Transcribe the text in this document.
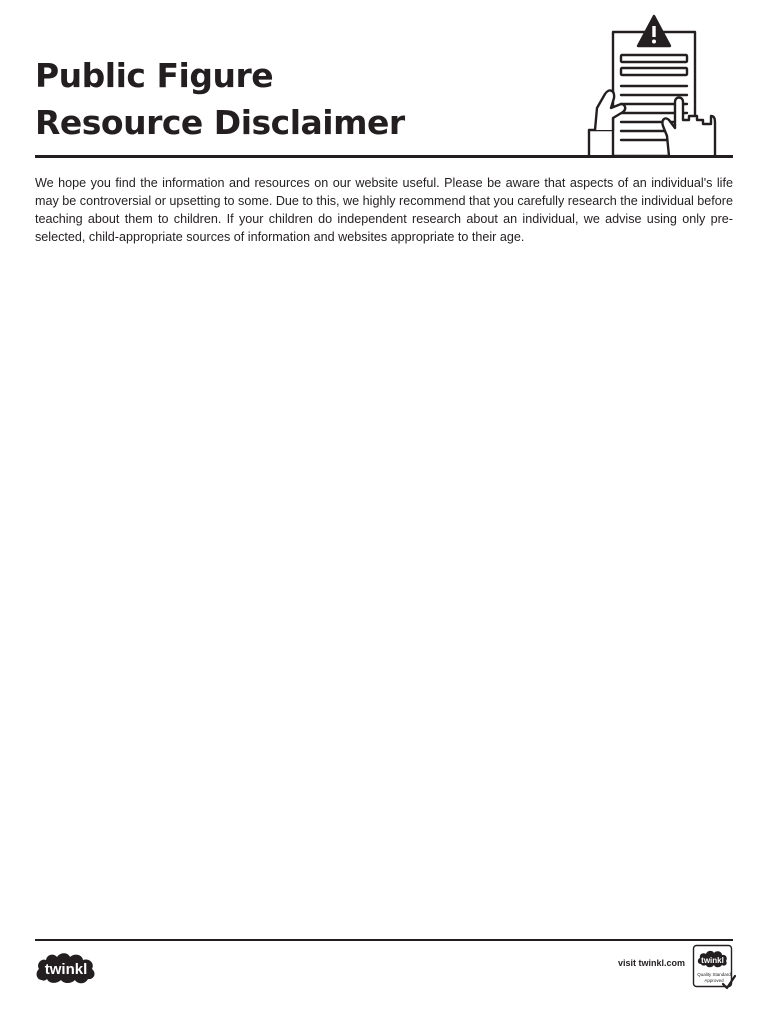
Public Figure
Resource Disclaimer

We hope you find the information and resources on our website useful. Please be aware that aspects of an individual's life may be controversial or upsetting to some. Due to this, we highly recommend that you carefully research the individual before teaching about them to children. If your children do independent research about an individual, we advise using only pre-selected, child-appropriate sources of information and websites appropriate to their age.

twinkl	visit twinkl.com twinkl
Quality Standard
Approved
